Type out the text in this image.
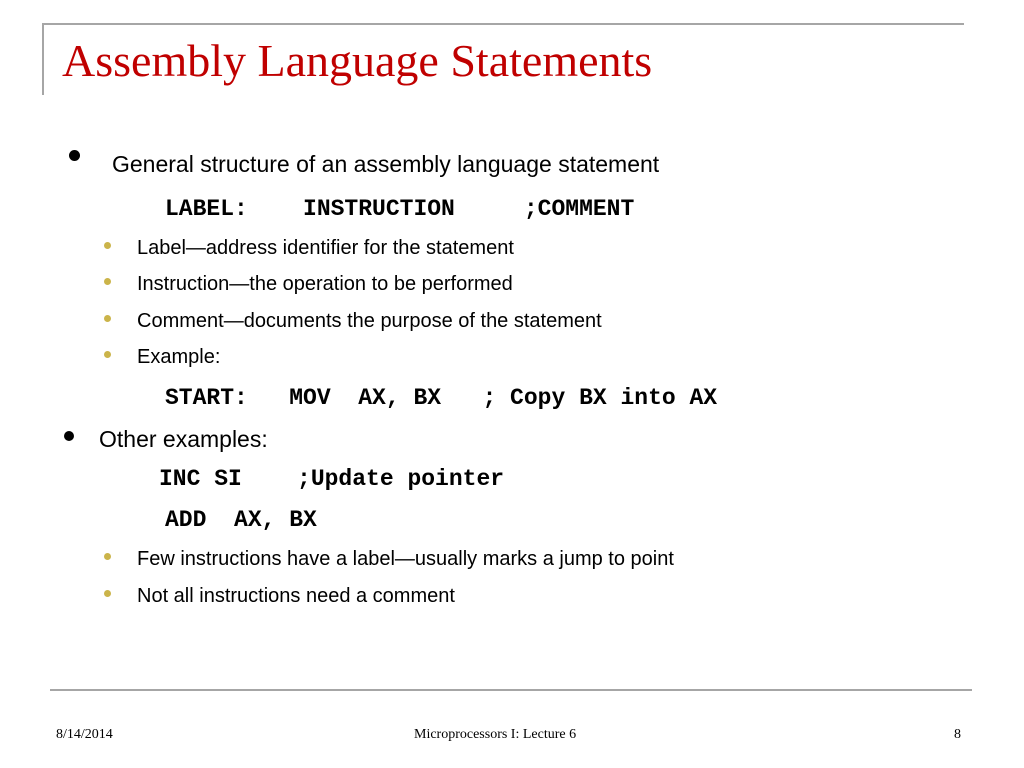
Assembly Language Statements
General structure of an assembly language statement
LABEL:    INSTRUCTION     ;COMMENT
Label—address identifier for the statement
Instruction—the operation to be performed
Comment—documents the purpose of the statement
Example:
START:   MOV  AX, BX   ; Copy BX into AX
Other examples:
INC SI    ;Update pointer
ADD  AX, BX
Few instructions have a label—usually marks a jump to point
Not all instructions need a comment
8/14/2014	Microprocessors I: Lecture 6	8
